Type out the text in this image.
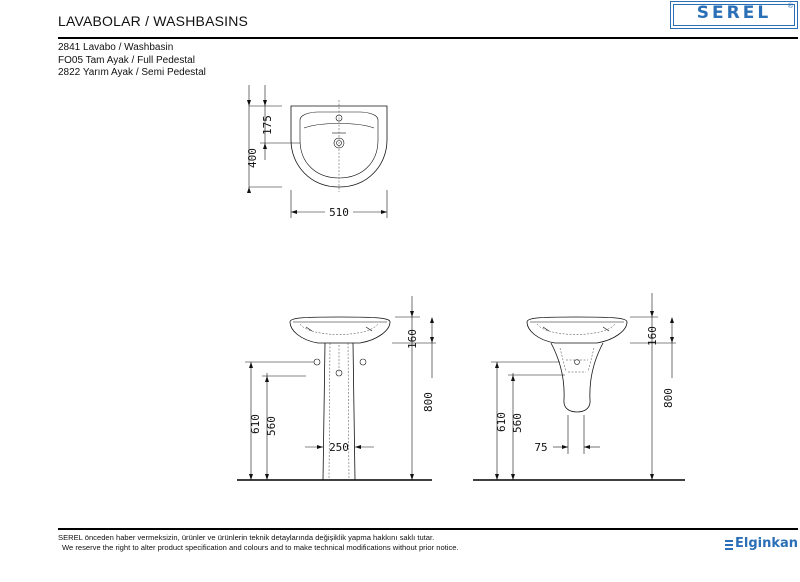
LAVABOLAR / WASHBASINS	SEREL	®
2841 Lavabo / Washbasin
FO05 Tam Ayak / Full Pedestal
2822 Yarım Ayak / Semi Pedestal
400
175
510
800
160
610 560
250
800
160
610 560
75
SEREL önceden haber vermeksizin, ürünler ve ürünlerin teknik detaylarında değişiklik yapma hakkını saklı tutar.
We reserve the right to alter product specification and colours and to make technical modifications without prior notice.	Elginkan
